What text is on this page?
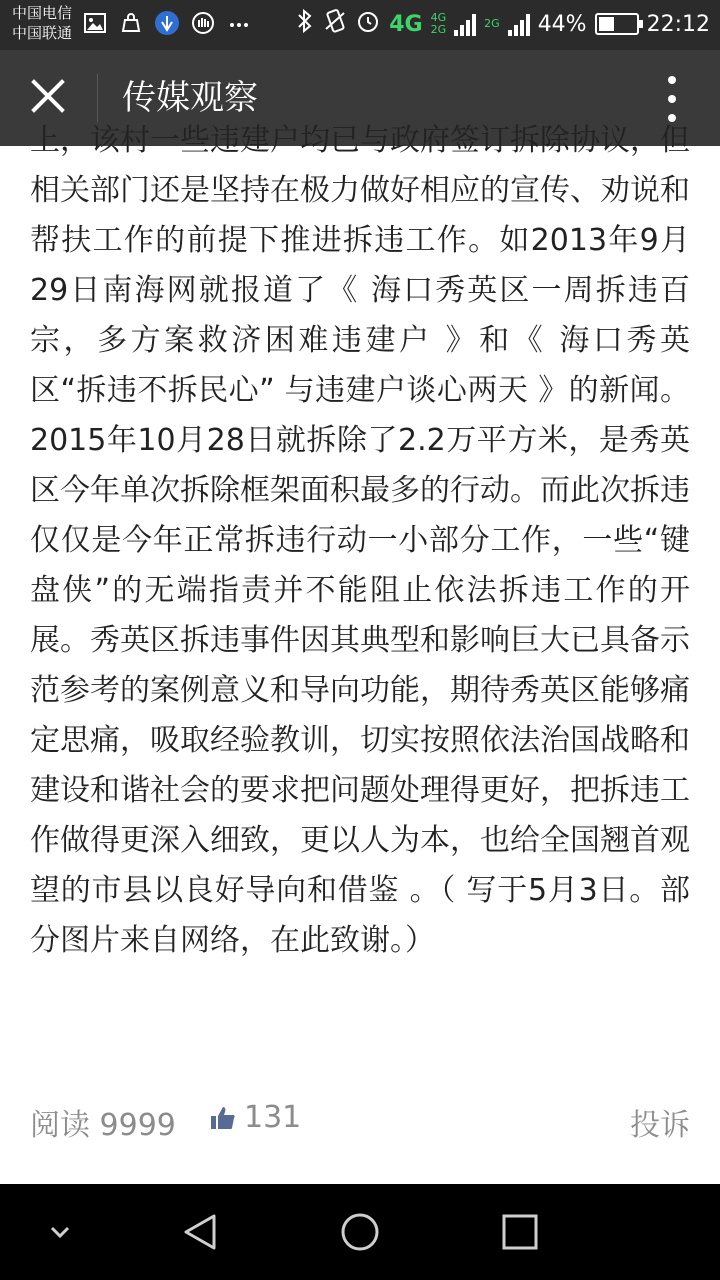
中国电信
中国联通	4G 4G
2G	2G 44%	22:12
传媒观察

上，该村一些违建户均已与政府签订拆除协议，但相关部门还是坚持在极力做好相应的宣传、劝说和帮扶工作的前提下推进拆违工作。如2013年9月29日南海网就报道了《 海口秀英区一周拆违百宗，多方案救济困难违建户 》和《 海口秀英区“拆违不拆民心” 与违建户谈心两天 》的新闻。2015年10月28日就拆除了2.2万平方米，是秀英区今年单次拆除框架面积最多的行动。而此次拆违仅仅是今年正常拆违行动一小部分工作，一些“键盘侠”的无端指责并不能阻止依法拆违工作的开展。秀英区拆违事件因其典型和影响巨大已具备示范参考的案例意义和导向功能，期待秀英区能够痛定思痛，吸取经验教训，切实按照依法治国战略和建设和谐社会的要求把问题处理得更好，把拆违工作做得更深入细致，更以人为本，也给全国翘首观望的市县以良好导向和借鉴 。（ 写于5月3日。部分图片来自网络，在此致谢。）

阅读 9999 131	投诉
